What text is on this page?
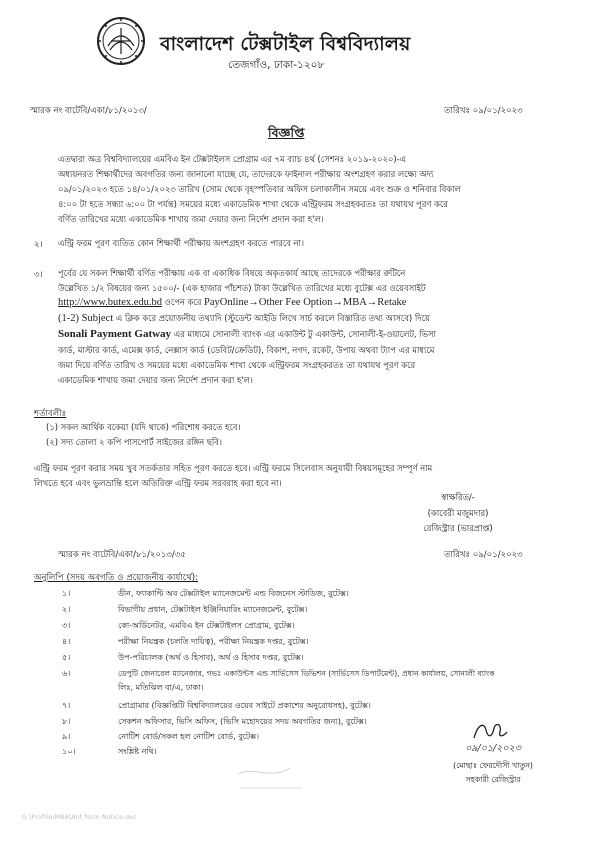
বাংলাদেশ টেক্সটাইল বিশ্ববিদ্যালয়
তেজগাঁও, ঢাকা-১২০৮
স্মারক নং বাটেবি/একা/৮১/২০১৩/	তারিখঃ ০৯/০১/২০২৩
বিজ্ঞপ্তি
এতদ্বারা অত্র বিশ্ববিদ্যালয়ের এমবিএ ইন টেক্সটাইলস প্রোগ্রাম এর ৭ম ব্যাচ ৪র্থ (সেশনঃ ২০১৯-২০২০)-এ
অধ্যয়নরত শিক্ষার্থীদের অবগতির জন্য জানানো যাচ্ছে যে, তাদেরকে ফাইনাল পরীক্ষায় অংশগ্রহণ করার লক্ষ্যে অদ্য
০৯/০১/২০২৩ হতে ১৪/০১/২০২৩ তারিখ (সোম থেকে বৃহস্পতিবার অফিস চলাকালীন সময়ে এবং শুক্র ও শনিবার বিকাল
৪:০০ টা হতে সন্ধ্যা ৬:০০ টা পর্যন্ত) সময়ের মধ্যে একাডেমিক শাখা থেকে এন্ট্রিফরম সংগ্রহকরতঃ তা যথাযথ পূরণ করে
বর্ণিত তারিখের মধ্যে একাডেমিক শাখায় জমা দেয়ার জন্য নির্দেশ প্রদান করা হ'ল।
২। এন্ট্রি ফরম পূরণ ব্যতিত কোন শিক্ষার্থী পরীক্ষায় অংশগ্রহণ করতে পারবে না।
৩। পূর্বের যে সকল শিক্ষার্থী বর্ণিত পরীক্ষায় এক বা একাধিক বিষয়ে অকৃতকার্য আছে তাদেরকে পরীক্ষার রুটিনে
উল্লেখিত ১/২ বিষয়ের জন্য ১৫০০/- (এক হাজার পাঁচশত) টাকা উল্লেখিত তারিখের মধ্যে বুটেক্স এর ওয়েবসাইট
http://www.butex.edu.bd ওপেন করে PayOnline→Other Fee Option→MBA→Retake
(1-2) Subject এ ক্লিক করে প্রয়োজনীয় তথ্যাদি (স্টুডেন্ট আইডি লিখে সার্চ করলে বিস্তারিত তথ্য আসবে) দিয়ে
Sonali Payment Gatway এর মাধ্যমে সোনালী ব্যাংক এর একাউন্ট টু একাউন্ট, সোনালী-ই-ওয়ালেট, ভিসা
কার্ড, মাস্টার কার্ড, এমেক্স কার্ড, নেক্সাস কার্ড (ডেবিট/ক্রেডিট), বিকাশ, নগদ, রকেট, উপায় অথবা ট্যাপ এর মাধ্যমে
জমা দিয়ে বর্ণিত তারিখ ও সময়ের মধ্যে একাডেমিক শাখা থেকে এন্ট্রিফরম সংগ্রহকরতঃ তা যথাযথ পূরণ করে
একাডেমিক শাখায় জমা দেয়ার জন্য নির্দেশ প্রদান করা হ'ল।
শর্তাবলীঃ
(১) সকল আর্থিক বকেয়া (যদি থাকে) পরিশোধ করতে হবে।
(২) সদ্য তোলা ২ কপি পাসপোর্ট সাইজের রঙ্গিন ছবি।
এন্ট্রি ফরম পূরণ করার সময় খুব সতর্কতার সহিত পূরণ করতে হবে। এন্ট্রি ফরমে সিলেবাস অনুযায়ী বিষয়সমূহের সম্পূর্ণ নাম
লিখতে হবে এবং ভুলভ্রান্তি হলে অতিরিক্ত এন্ট্রি ফরম সরবরাহ করা হবে না।
স্বাক্ষরিত/-
(কাবেরী মজুমদার)
রেজিস্ট্রার (ভারপ্রাপ্ত)
স্মারক নং বাটেবি/একা/৮১/২০১৩/৩৫	তারিখঃ ০৯/০১/২০২৩
অনুলিপি (সদয় অবগতি ও প্রয়োজনীয় কার্যার্থে):
১।	ডীন, ফ্যাকাল্টি অব টেক্সটাইল ম্যানেজমেন্ট এন্ড বিজনেস স্টাডিজ, বুটেক্স।
২।	বিভাগীয় প্রধান, টেক্সটাইল ইঞ্জিনিয়ারিং ম্যানেজমেন্ট, বুটেক্স।
৩।	কো-অর্ডিনেটর, এমবিএ ইন টেক্সটাইলস প্রোগ্রাম, বুটেক্স।
৪।	পরীক্ষা নিয়ন্ত্রক (চলতি দায়িত্ব), পরীক্ষা নিয়ন্ত্রক দপ্তর, বুটেক্স।
৫।	উপ-পরিচালক (অর্থ ও হিসাব), অর্থ ও হিসাব দপ্তর, বুটেক্স।
৬।	ডেপুটি জেনারেল ম্যানেজার, গভঃ একাউন্টস এন্ড সার্ভিসেস ডিভিশন (সার্ভিসেস ডিপার্টমেন্ট), প্রধান কার্যালয়, সোনালী ব্যাংক
লিঃ, মতিঝিল বা/এ, ঢাকা।
৭।	প্রোগ্রামার (বিজ্ঞপ্তিটি বিশ্ববিদ্যালয়ের ওয়েব সাইটে প্রকাশের অনুরোধসহ), বুটেক্স।
৮।	সেকশন অফিসার, ভিসি অফিস, (ভিসি মহোদয়ের সদয় অবগতির জন্য), বুটেক্স।
৯।	নোটিশ বোর্ড/সকল হল নোটিশ বোর্ড, বুটেক্স।
১০।	সংশ্লিষ্ট নথি।	০৯/০১/২০২৩
(মোছাঃ ফেরদৌসী খাতুন)
সহকারী রেজিস্ট্রার
G:\Profile\MBA\Ant form Notice.doc
